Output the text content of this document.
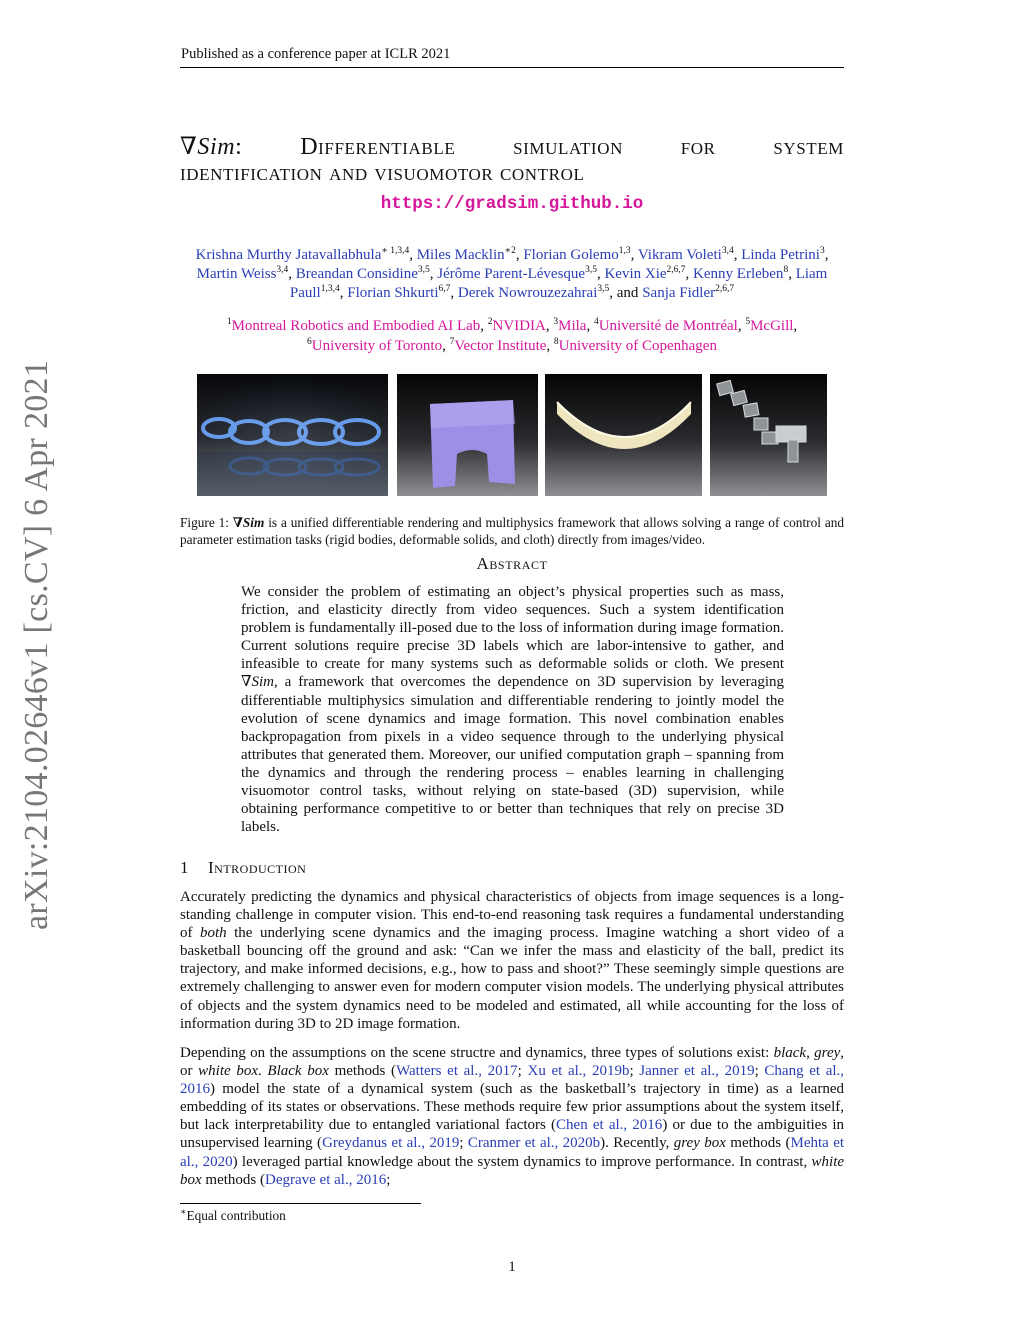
Published as a conference paper at ICLR 2021
arXiv:2104.02646v1 [cs.CV] 6 Apr 2021
∇Sim: Differentiable simulation for system
identification and visuomotor control
https://gradsim.github.io
Krishna Murthy Jatavallabhula$^{∗ 1,3,4}$, Miles Macklin$^{∗2}$, Florian Golemo$^{1,3}$, Vikram Voleti$^{3,4}$, Linda Petrini$^3$, Martin Weiss$^{3,4}$, Breandan Considine$^{3,5}$, Jérôme Parent-Lévesque$^{3,5}$, Kevin Xie$^{2,6,7}$, Kenny Erleben$^8$, Liam Paull$^{1,3,4}$, Florian Shkurti$^{6,7}$, Derek Nowrouzezahrai$^{3,5}$, and Sanja Fidler$^{2,6,7}$
$^1$Montreal Robotics and Embodied AI Lab, $^2$NVIDIA, $^3$Mila, $^4$Université de Montréal, $^5$McGill,
$^6$University of Toronto, $^7$Vector Institute, $^8$University of Copenhagen
Figure 1: ∇Sim is a unified differentiable rendering and multiphysics framework that allows solving a range of control and parameter estimation tasks (rigid bodies, deformable solids, and cloth) directly from images/video.
Abstract
We consider the problem of estimating an object’s physical properties such as mass, friction, and elasticity directly from video sequences. Such a system identification problem is fundamentally ill-posed due to the loss of information during image formation. Current solutions require precise 3D labels which are labor-intensive to gather, and infeasible to create for many systems such as deformable solids or cloth. We present ∇Sim, a framework that overcomes the dependence on 3D supervision by leveraging differentiable multiphysics simulation and differentiable rendering to jointly model the evolution of scene dynamics and image formation. This novel combination enables backpropagation from pixels in a video sequence through to the underlying physical attributes that generated them. Moreover, our unified computation graph – spanning from the dynamics and through the rendering process – enables learning in challenging visuomotor control tasks, without relying on state-based (3D) supervision, while obtaining performance competitive to or better than techniques that rely on precise 3D labels.
1 Introduction
Accurately predicting the dynamics and physical characteristics of objects from image sequences is a long-standing challenge in computer vision. This end-to-end reasoning task requires a fundamental understanding of both the underlying scene dynamics and the imaging process. Imagine watching a short video of a basketball bouncing off the ground and ask: “Can we infer the mass and elasticity of the ball, predict its trajectory, and make informed decisions, e.g., how to pass and shoot?” These seemingly simple questions are extremely challenging to answer even for modern computer vision models. The underlying physical attributes of objects and the system dynamics need to be modeled and estimated, all while accounting for the loss of information during 3D to 2D image formation.
Depending on the assumptions on the scene structre and dynamics, three types of solutions exist: black, grey, or white box. Black box methods (Watters et al., 2017; Xu et al., 2019b; Janner et al., 2019; Chang et al., 2016) model the state of a dynamical system (such as the basketball’s trajectory in time) as a learned embedding of its states or observations. These methods require few prior assumptions about the system itself, but lack interpretability due to entangled variational factors (Chen et al., 2016) or due to the ambiguities in unsupervised learning (Greydanus et al., 2019; Cranmer et al., 2020b). Recently, grey box methods (Mehta et al., 2020) leveraged partial knowledge about the system dynamics to improve performance. In contrast, white box methods (Degrave et al., 2016;
∗Equal contribution
1
